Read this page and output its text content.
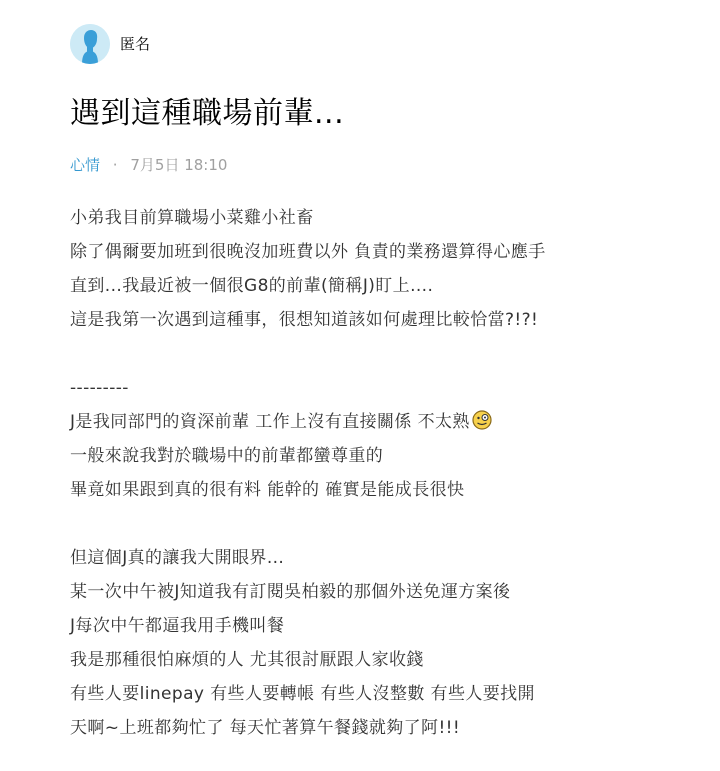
匿名
遇到這種職場前輩...
心情 · 7月5日 18:10
小弟我目前算職場小菜雞小社畜
除了偶爾要加班到很晚沒加班費以外 負責的業務還算得心應手
直到...我最近被一個很G8的前輩(簡稱J)盯上....
這是我第一次遇到這種事，很想知道該如何處理比較恰當?!?!
---------
J是我同部門的資深前輩 工作上沒有直接關係 不太熟
一般來說我對於職場中的前輩都蠻尊重的
畢竟如果跟到真的很有料 能幹的 確實是能成長很快
但這個J真的讓我大開眼界...
某一次中午被J知道我有訂閱吳柏毅的那個外送免運方案後
J每次中午都逼我用手機叫餐
我是那種很怕麻煩的人 尤其很討厭跟人家收錢
有些人要linepay 有些人要轉帳 有些人沒整數 有些人要找開
天啊~上班都夠忙了 每天忙著算午餐錢就夠了阿!!!
